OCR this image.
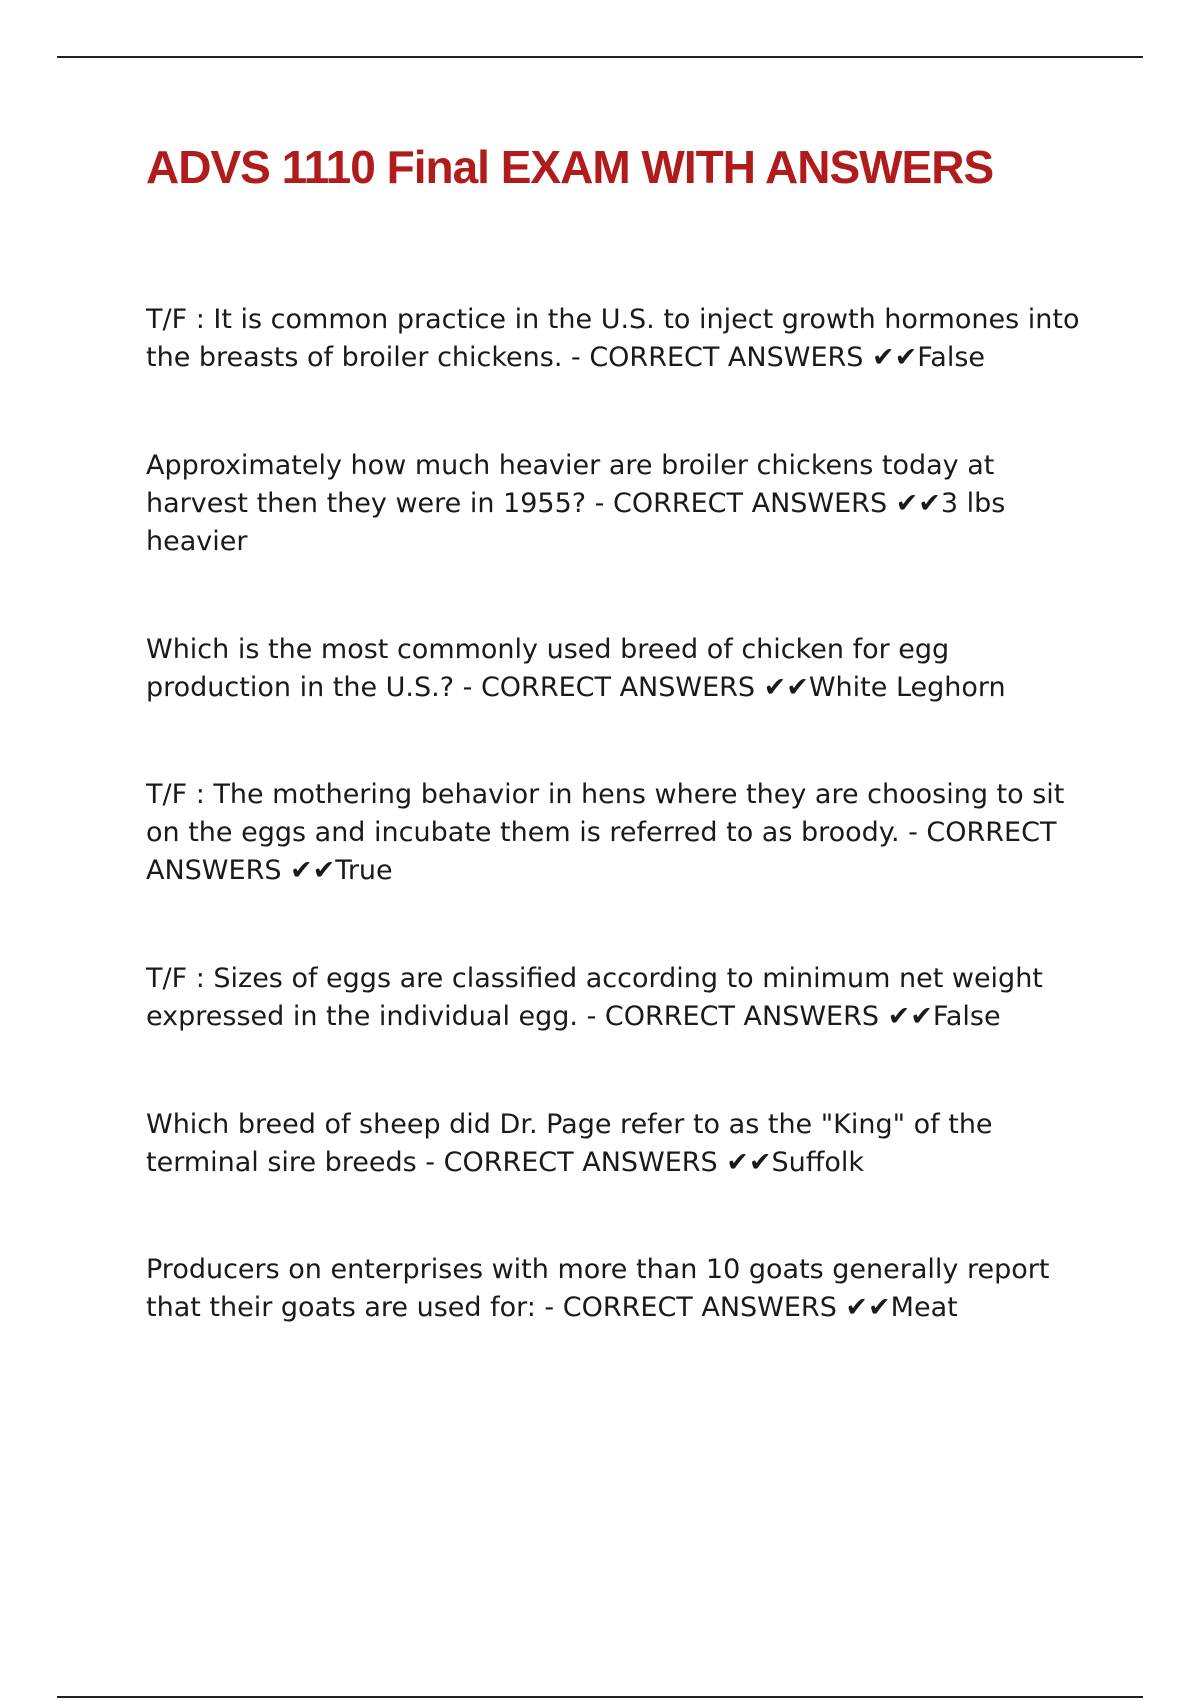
ADVS 1110 Final EXAM WITH ANSWERS

T/F : It is common practice in the U.S. to inject growth hormones into the breasts of broiler chickens. - CORRECT ANSWERS ✔✔False

Approximately how much heavier are broiler chickens today at harvest then they were in 1955? - CORRECT ANSWERS ✔✔3 lbs heavier

Which is the most commonly used breed of chicken for egg production in the U.S.? - CORRECT ANSWERS ✔✔White Leghorn

T/F : The mothering behavior in hens where they are choosing to sit on the eggs and incubate them is referred to as broody. - CORRECT ANSWERS ✔✔True

T/F : Sizes of eggs are classified according to minimum net weight expressed in the individual egg. - CORRECT ANSWERS ✔✔False

Which breed of sheep did Dr. Page refer to as the "King" of the terminal sire breeds - CORRECT ANSWERS ✔✔Suffolk

Producers on enterprises with more than 10 goats generally report that their goats are used for: - CORRECT ANSWERS ✔✔Meat
